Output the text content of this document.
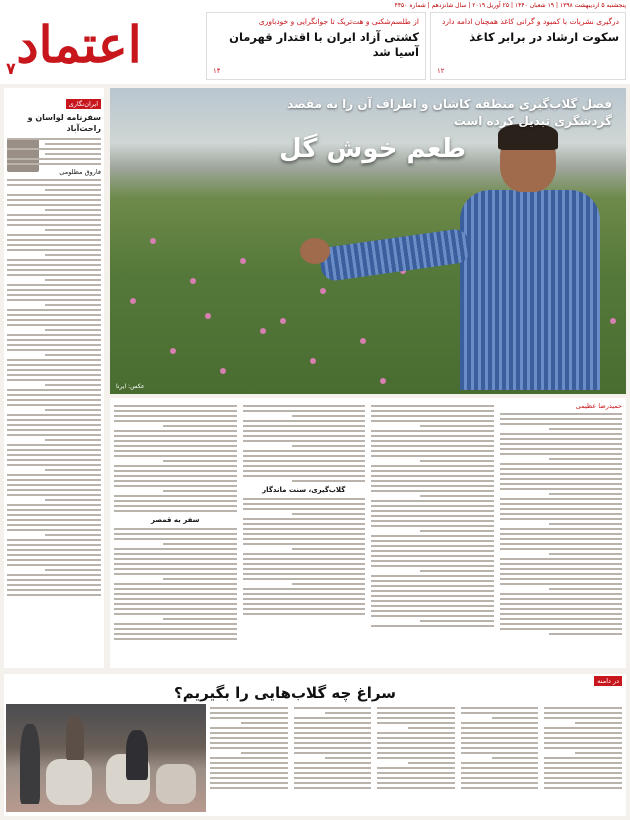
پنجشنبه ۵ اردیبهشت ۱۳۹۸ | ۱۹ شعبان ۱۴۴۰ | ۲۵ آوریل ۲۰۱۹ | سال شانزدهم | شماره ۴۴۵۰
درگیری نشریات با کمبود و گرانی کاغذ همچنان ادامه دارد
سکوت ارشاد در برابر کاغذ
۱۲
از طلسم‌شکنی و هت‌تریک تا جوانگرایی و خودباوری
کشتی آزاد ایران با اقتدار قهرمان آسیا شد
۱۴
اعتماد
۷
ایران‌نگاری
سفرنامه لواسان و راحت‌آباد
فاروق مظلومی
فصل گلاب‌گیری منطقه کاشان و اطراف آن را به مقصد گردشگری تبدیل کرده است
طعم خوش گل
عکس: ایرنا
حمیدرضا عظیمی
گلاب‌گیری، سنت ماندگار
سفر به قمصر
در دامنه
سراغ چه گلاب‌هایی را بگیریم؟
